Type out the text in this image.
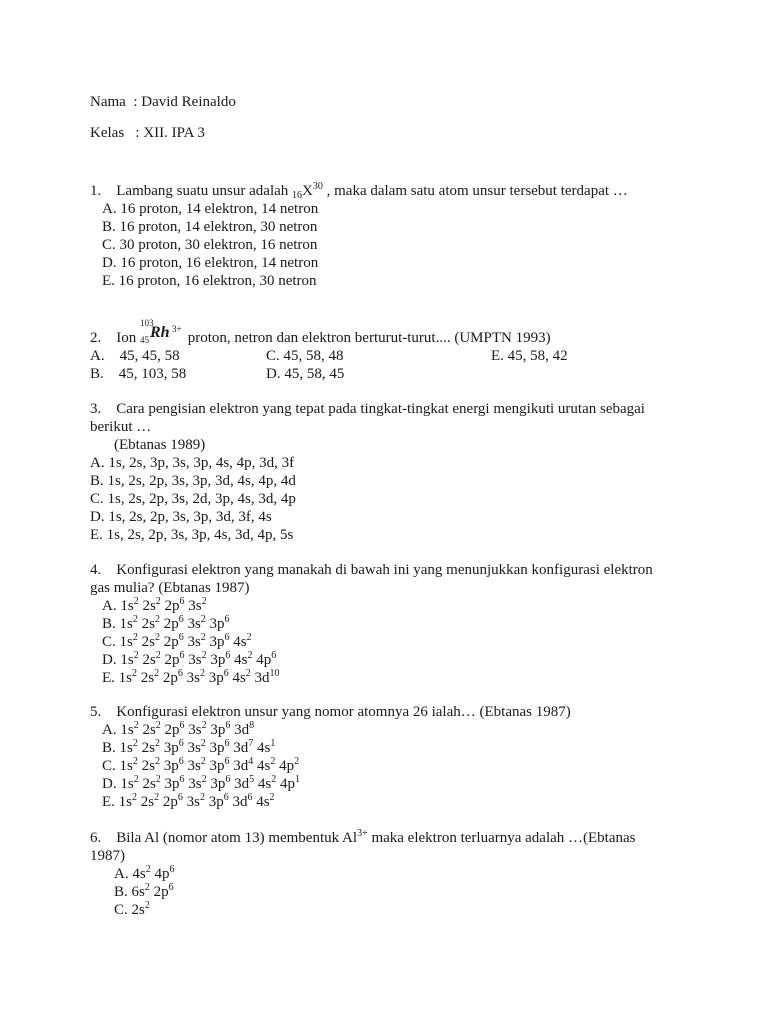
Nama  : David Reinaldo
Kelas   : XII. IPA 3
1. Lambang suatu unsur adalah $_{16}X^{30}$ , maka dalam satu atom unsur tersebut terdapat …
A. 16 proton, 14 elektron, 14 netron
B. 16 proton, 14 elektron, 30 netron
C. 30 proton, 30 elektron, 16 netron
D. 16 proton, 16 elektron, 14 netron
E. 16 proton, 16 elektron, 30 netron
2. Ion
103
45 Rh 3+
proton, netron dan elektron berturut-turut.... (UMPTN 1993)
A. 45, 45, 58
B. 45, 103, 58
C. 45, 58, 48
D. 45, 58, 45
E. 45, 58, 42
3. Cara pengisian elektron yang tepat pada tingkat-tingkat energi mengikuti urutan sebagai
berikut …
(Ebtanas 1989)
A. 1s, 2s, 3p, 3s, 3p, 4s, 4p, 3d, 3f
B. 1s, 2s, 2p, 3s, 3p, 3d, 4s, 4p, 4d
C. 1s, 2s, 2p, 3s, 2d, 3p, 4s, 3d, 4p
D. 1s, 2s, 2p, 3s, 3p, 3d, 3f, 4s
E. 1s, 2s, 2p, 3s, 3p, 4s, 3d, 4p, 5s
4. Konfigurasi elektron yang manakah di bawah ini yang menunjukkan konfigurasi elektron
gas mulia? (Ebtanas 1987)
A. $1s^2$ $2s^2$ $2p^6$ $3s^2$
B. $1s^2$ $2s^2$ $2p^6$ $3s^2$ $3p^6$
C. $1s^2$ $2s^2$ $2p^6$ $3s^2$ $3p^6$ $4s^2$
D. $1s^2$ $2s^2$ $2p^6$ $3s^2$ $3p^6$ $4s^2$ $4p^6$
E. $1s^2$ $2s^2$ $2p^6$ $3s^2$ $3p^6$ $4s^2$ $3d^{10}$
5. Konfigurasi elektron unsur yang nomor atomnya 26 ialah… (Ebtanas 1987)
A. $1s^2$ $2s^2$ $2p^6$ $3s^2$ $3p^6$ $3d^8$
B. $1s^2$ $2s^2$ $3p^6$ $3s^2$ $3p^6$ $3d^7$ $4s^1$
C. $1s^2$ $2s^2$ $3p^6$ $3s^2$ $3p^6$ $3d^4$ $4s^2$ $4p^2$
D. $1s^2$ $2s^2$ $3p^6$ $3s^2$ $3p^6$ $3d^5$ $4s^2$ $4p^1$
E. $1s^2$ $2s^2$ $2p^6$ $3s^2$ $3p^6$ $3d^6$ $4s^2$
6. Bila Al (nomor atom 13) membentuk $Al^{3+}$ maka elektron terluarnya adalah …(Ebtanas
1987)
A. $4s^2$ $4p^6$
B. $6s^2$ $2p^6$
C. $2s^2$
